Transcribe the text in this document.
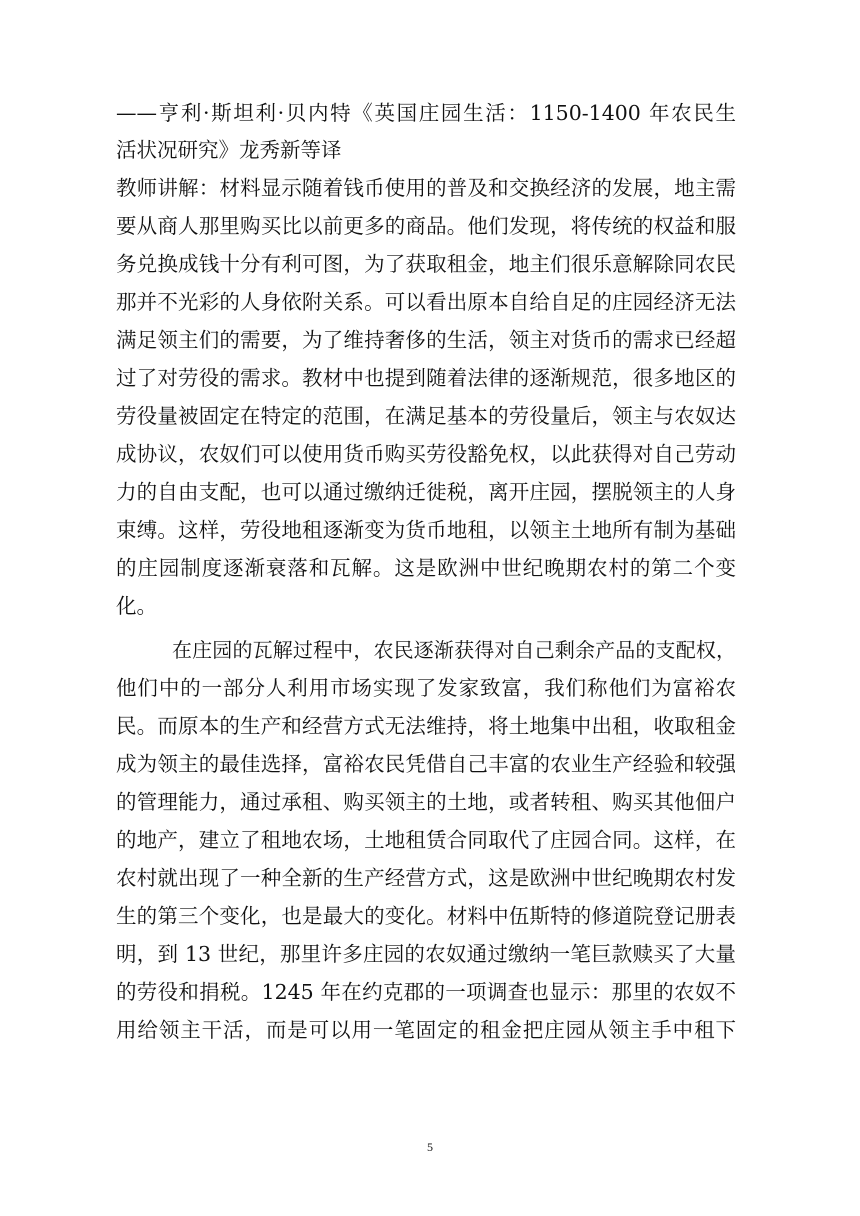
——亨利·斯坦利·贝内特《英国庄园生活：1150-1400 年农民生
活状况研究》龙秀新等译
教师讲解：材料显示随着钱币使用的普及和交换经济的发展，地主需
要从商人那里购买比以前更多的商品。他们发现，将传统的权益和服
务兑换成钱十分有利可图，为了获取租金，地主们很乐意解除同农民
那并不光彩的人身依附关系。可以看出原本自给自足的庄园经济无法
满足领主们的需要，为了维持奢侈的生活，领主对货币的需求已经超
过了对劳役的需求。教材中也提到随着法律的逐渐规范，很多地区的
劳役量被固定在特定的范围，在满足基本的劳役量后，领主与农奴达
成协议，农奴们可以使用货币购买劳役豁免权，以此获得对自己劳动
力的自由支配，也可以通过缴纳迁徙税，离开庄园，摆脱领主的人身
束缚。这样，劳役地租逐渐变为货币地租，以领主土地所有制为基础
的庄园制度逐渐衰落和瓦解。这是欧洲中世纪晚期农村的第二个变
化。
在庄园的瓦解过程中，农民逐渐获得对自己剩余产品的支配权，
他们中的一部分人利用市场实现了发家致富，我们称他们为富裕农
民。而原本的生产和经营方式无法维持，将土地集中出租，收取租金
成为领主的最佳选择，富裕农民凭借自己丰富的农业生产经验和较强
的管理能力，通过承租、购买领主的土地，或者转租、购买其他佃户
的地产，建立了租地农场，土地租赁合同取代了庄园合同。这样，在
农村就出现了一种全新的生产经营方式，这是欧洲中世纪晚期农村发
生的第三个变化，也是最大的变化。材料中伍斯特的修道院登记册表
明，到 13 世纪，那里许多庄园的农奴通过缴纳一笔巨款赎买了大量
的劳役和捐税。1245 年在约克郡的一项调查也显示：那里的农奴不
用给领主干活，而是可以用一笔固定的租金把庄园从领主手中租下
5
